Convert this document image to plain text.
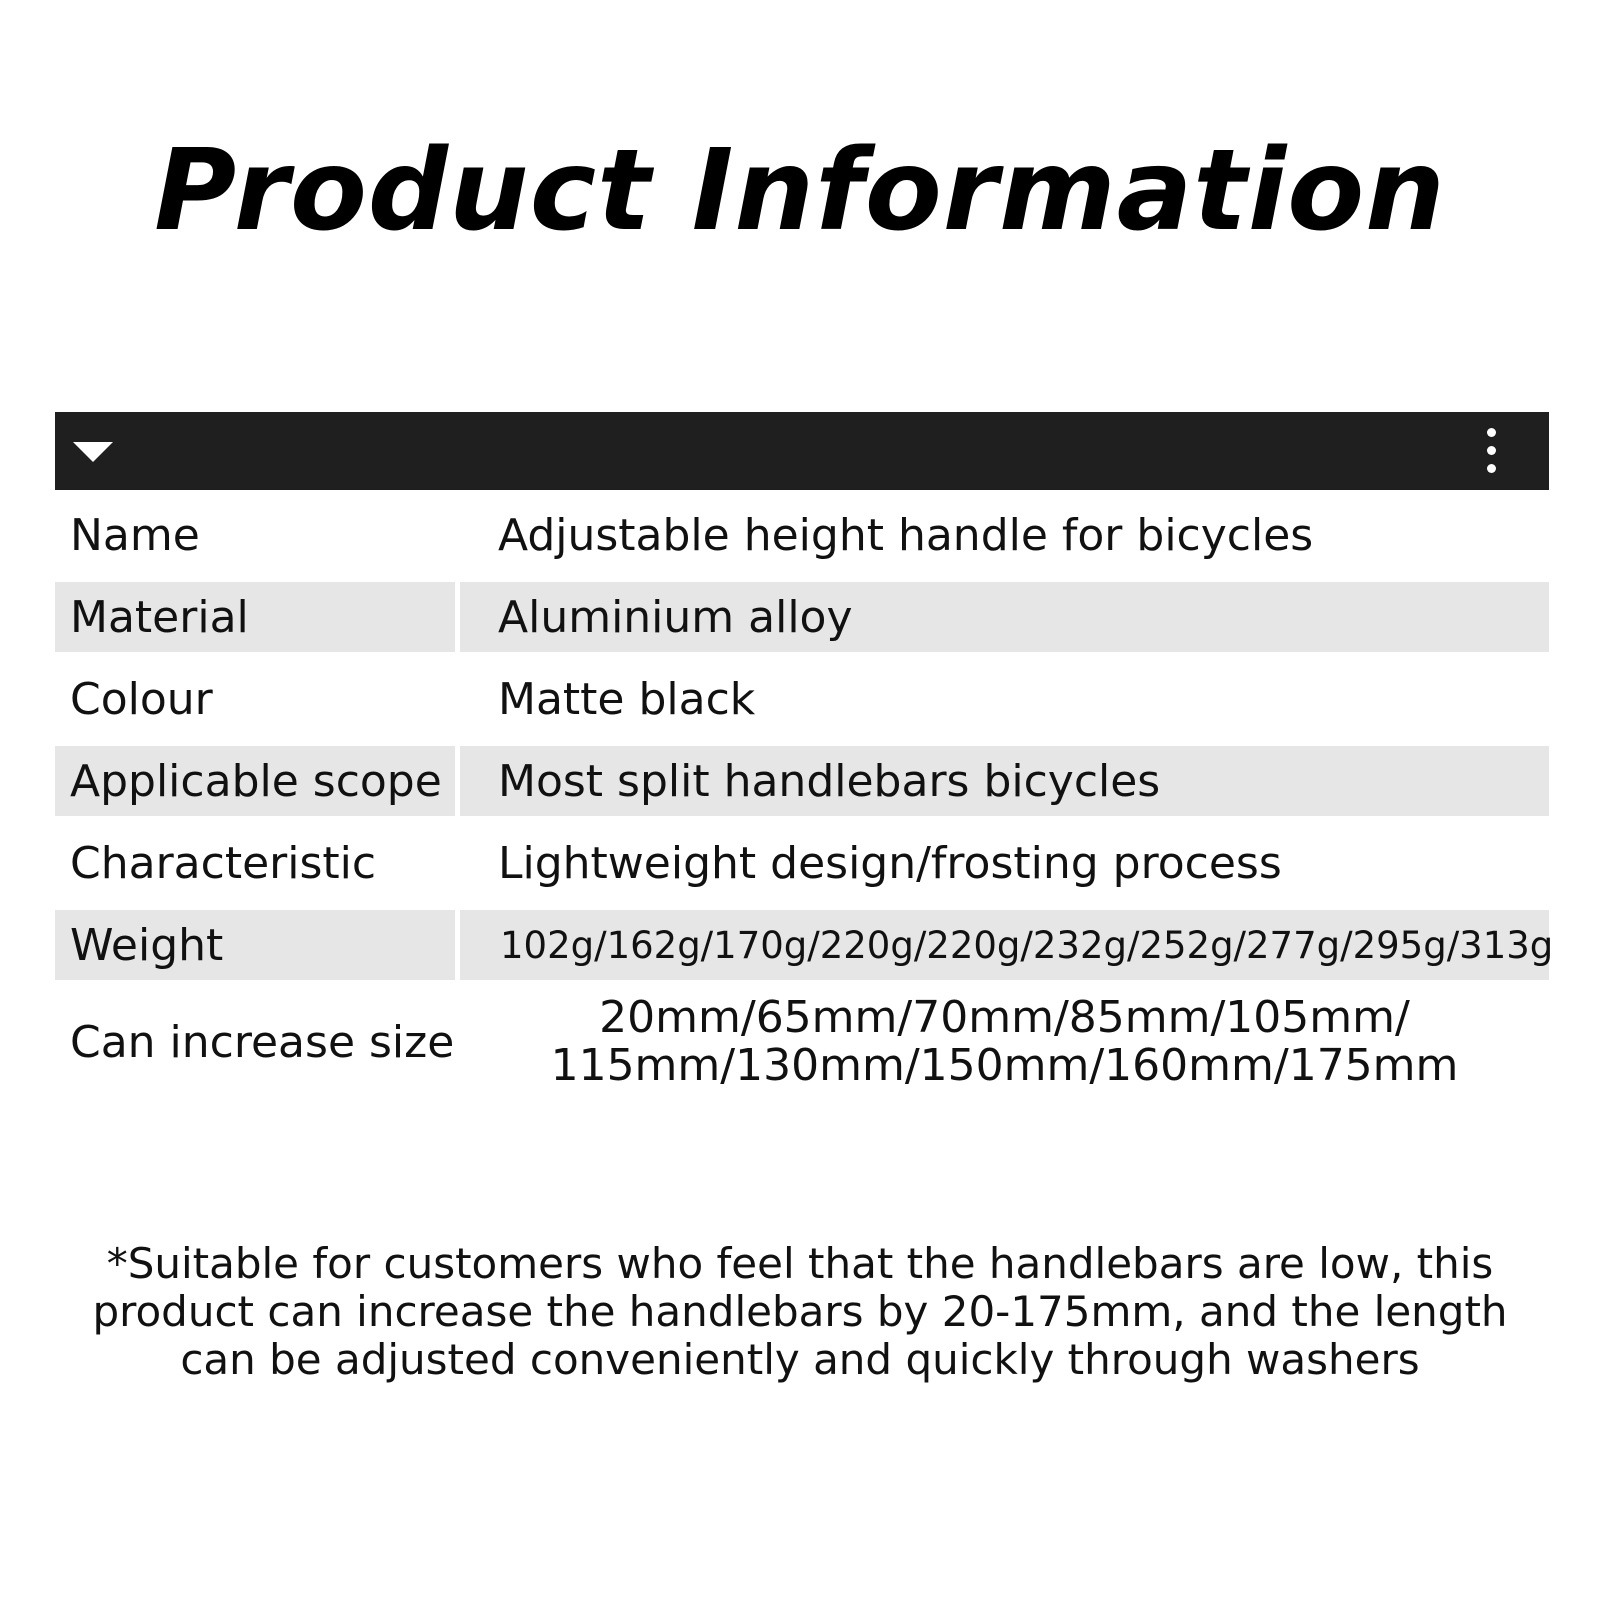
Product Information
Name	Adjustable height handle for bicycles
Material	Aluminium alloy
Colour	Matte black
Applicable scope	Most split handlebars bicycles
Characteristic	Lightweight design/frosting process
Weight	102g/162g/170g/220g/220g/232g/252g/277g/295g/313g
Can increase size	20mm/65mm/70mm/85mm/105mm/
115mm/130mm/150mm/160mm/175mm
*Suitable for customers who feel that the handlebars are low, this
product can increase the handlebars by 20-175mm, and the length
can be adjusted conveniently and quickly through washers
